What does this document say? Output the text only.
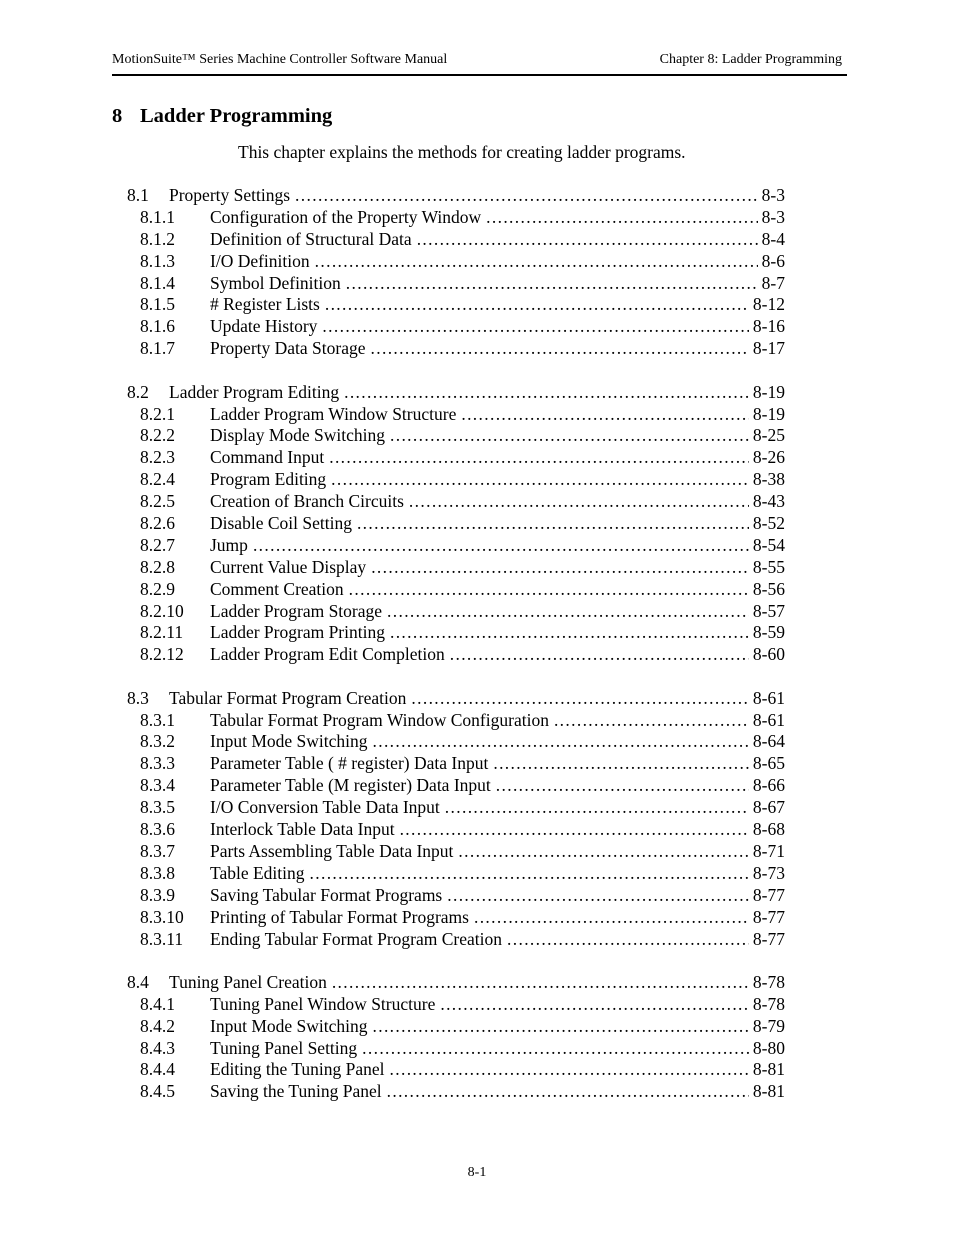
MotionSuite™ Series Machine Controller Software Manual	Chapter 8: Ladder Programming
8 Ladder Programming
This chapter explains the methods for creating ladder programs.
8.1 Property Settings .....	8-3
8.1.1 Configuration of the Property Window .....	8-3
8.1.2 Definition of Structural Data .....	8-4
8.1.3 I/O Definition .....	8-6
8.1.4 Symbol Definition .....	8-7
8.1.5 # Register Lists .....	8-12
8.1.6 Update History .....	8-16
8.1.7 Property Data Storage .....	8-17
8.2 Ladder Program Editing .....	8-19
8.2.1 Ladder Program Window Structure .....	8-19
8.2.2 Display Mode Switching .....	8-25
8.2.3 Command Input .....	8-26
8.2.4 Program Editing .....	8-38
8.2.5 Creation of Branch Circuits .....	8-43
8.2.6 Disable Coil Setting .....	8-52
8.2.7 Jump .....	8-54
8.2.8 Current Value Display .....	8-55
8.2.9 Comment Creation .....	8-56
8.2.10 Ladder Program Storage .....	8-57
8.2.11 Ladder Program Printing .....	8-59
8.2.12 Ladder Program Edit Completion .....	8-60
8.3 Tabular Format Program Creation .....	8-61
8.3.1 Tabular Format Program Window Configuration .....	8-61
8.3.2 Input Mode Switching .....	8-64
8.3.3 Parameter Table ( # register) Data Input .....	8-65
8.3.4 Parameter Table (M register) Data Input .....	8-66
8.3.5 I/O Conversion Table Data Input .....	8-67
8.3.6 Interlock Table Data Input .....	8-68
8.3.7 Parts Assembling Table Data Input .....	8-71
8.3.8 Table Editing .....	8-73
8.3.9 Saving Tabular Format Programs .....	8-77
8.3.10 Printing of Tabular Format Programs .....	8-77
8.3.11 Ending Tabular Format Program Creation .....	8-77
8.4 Tuning Panel Creation .....	8-78
8.4.1 Tuning Panel Window Structure .....	8-78
8.4.2 Input Mode Switching .....	8-79
8.4.3 Tuning Panel Setting .....	8-80
8.4.4 Editing the Tuning Panel .....	8-81
8.4.5 Saving the Tuning Panel .....	8-81
8-1
